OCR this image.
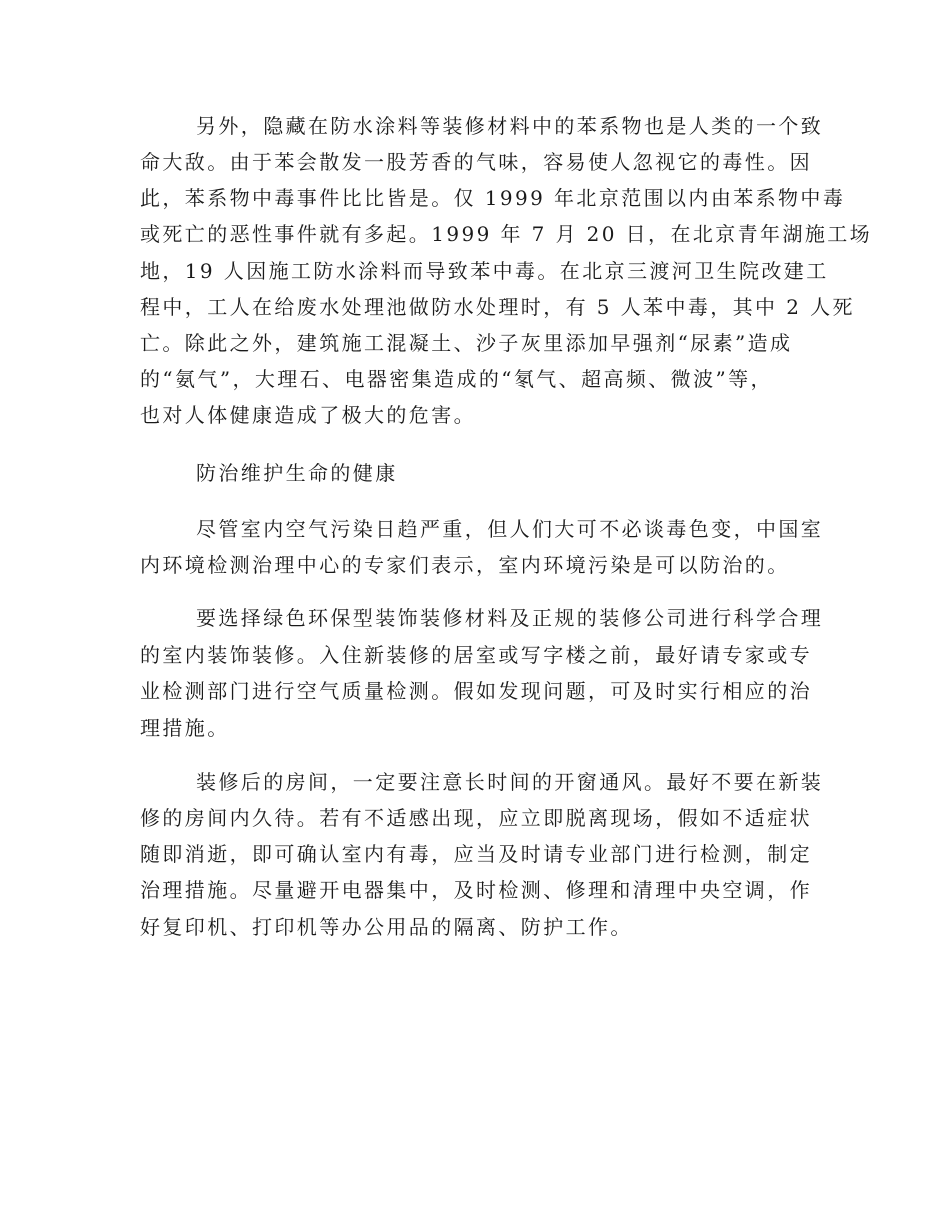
另外，隐藏在防水涂料等装修材料中的苯系物也是人类的一个致

命大敌。由于苯会散发一股芳香的气味，容易使人忽视它的毒性。因

此，苯系物中毒事件比比皆是。仅 1999 年北京范围以内由苯系物中毒

或死亡的恶性事件就有多起。1999 年 7 月 20 日，在北京青年湖施工场

地，19 人因施工防水涂料而导致苯中毒。在北京三渡河卫生院改建工

程中，工人在给废水处理池做防水处理时，有 5 人苯中毒，其中 2 人死

亡。除此之外，建筑施工混凝土、沙子灰里添加早强剂“尿素”造成

的“氨气”，大理石、电器密集造成的“氡气、超高频、微波”等，

也对人体健康造成了极大的危害。

防治维护生命的健康

尽管室内空气污染日趋严重，但人们大可不必谈毒色变，中国室

内环境检测治理中心的专家们表示，室内环境污染是可以防治的。

要选择绿色环保型装饰装修材料及正规的装修公司进行科学合理

的室内装饰装修。入住新装修的居室或写字楼之前，最好请专家或专

业检测部门进行空气质量检测。假如发现问题，可及时实行相应的治

理措施。

装修后的房间，一定要注意长时间的开窗通风。最好不要在新装

修的房间内久待。若有不适感出现，应立即脱离现场，假如不适症状

随即消逝，即可确认室内有毒，应当及时请专业部门进行检测，制定

治理措施。尽量避开电器集中，及时检测、修理和清理中央空调，作

好复印机、打印机等办公用品的隔离、防护工作。
